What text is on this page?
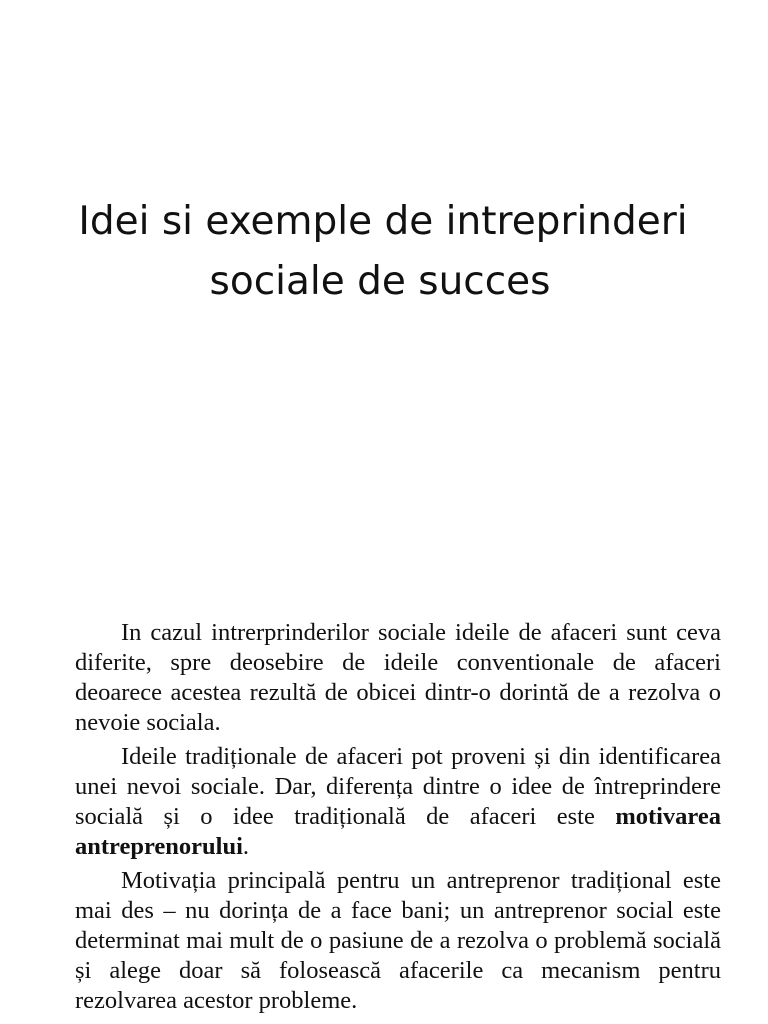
Idei si exemple de intreprinderi
sociale de succes

In cazul intrerprinderilor sociale ideile de afaceri sunt ceva diferite, spre deosebire de ideile conventionale de afaceri deoarece acestea rezultă de obicei dintr-o dorintă de a rezolva o nevoie sociala.

Ideile tradiționale de afaceri pot proveni și din identificarea unei nevoi sociale. Dar, diferența dintre o idee de întreprindere socială și o idee tradițională de afaceri este motivarea antreprenorului.

Motivația principală pentru un antreprenor tradițional este mai des – nu dorința de a face bani; un antreprenor social este determinat mai mult de o pasiune de a rezolva o problemă socială și alege doar să folosească afacerile ca mecanism pentru rezolvarea acestor probleme.
